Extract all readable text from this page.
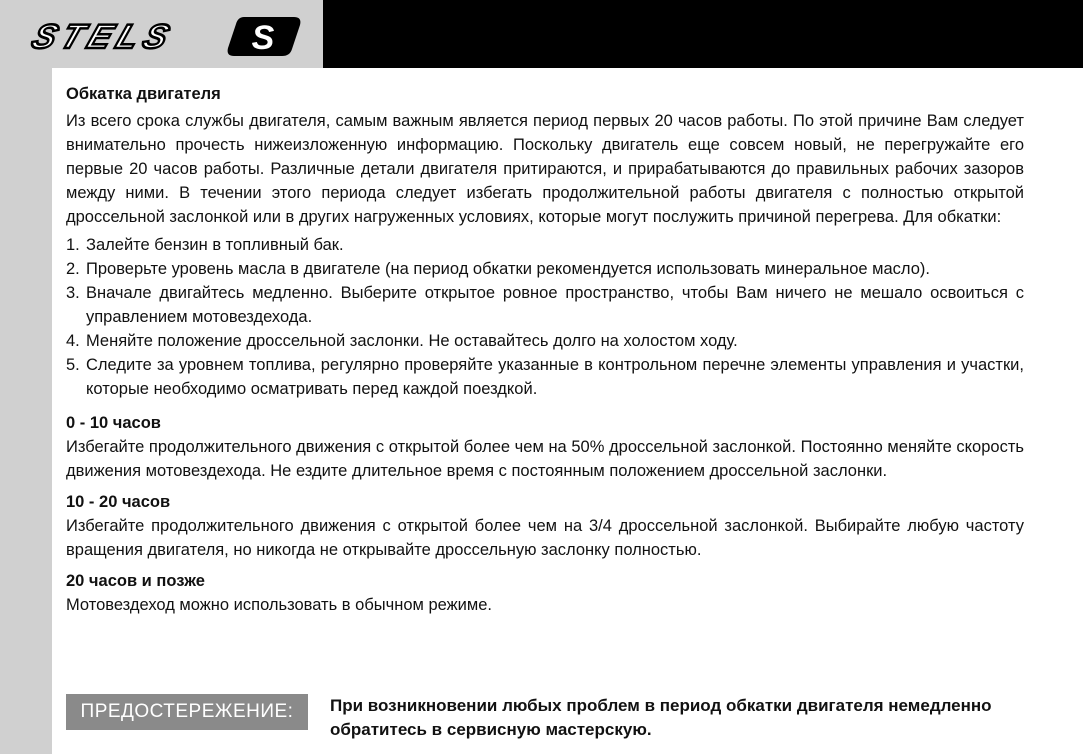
STELS S
Обкатка двигателя

Из всего срока службы двигателя, самым важным является период первых 20 часов работы. По этой причине Вам следует внимательно прочесть нижеизложенную информацию. Поскольку двигатель еще совсем новый, не перегружайте его первые 20 часов работы. Различные детали двигателя притираются, и прирабатываются до правильных рабочих зазоров между ними. В течении этого периода следует избегать продолжительной работы двигателя с полностью открытой дроссельной заслонкой или в других нагруженных условиях, которые могут послужить причиной перегрева. Для обкатки:

1. Залейте бензин в топливный бак.
2. Проверьте уровень масла в двигателе (на период обкатки рекомендуется использовать минеральное масло).
3. Вначале двигайтесь медленно. Выберите открытое ровное пространство, чтобы Вам ничего не мешало освоиться с управлением мотовездехода.
4. Меняйте положение дроссельной заслонки. Не оставайтесь долго на холостом ходу.
5. Следите за уровнем топлива, регулярно проверяйте указанные в контрольном перечне элементы управления и участки, которые необходимо осматривать перед каждой поездкой.
0 - 10 часов

Избегайте продолжительного движения с открытой более чем на 50% дроссельной заслонкой. Постоянно меняйте скорость движения мотовездехода. Не ездите длительное время с постоянным положением дроссельной заслонки.

10 - 20 часов

Избегайте продолжительного движения с открытой более чем на 3/4 дроссельной заслонкой. Выбирайте любую частоту вращения двигателя, но никогда не открывайте дроссельную заслонку полностью.

20 часов и позже

Мотовездеход можно использовать в обычном режиме.

ПРЕДОСТЕРЕЖЕНИЕ:	При возникновении любых проблем в период обкатки двигателя немедленно обратитесь в сервисную мастерскую.
